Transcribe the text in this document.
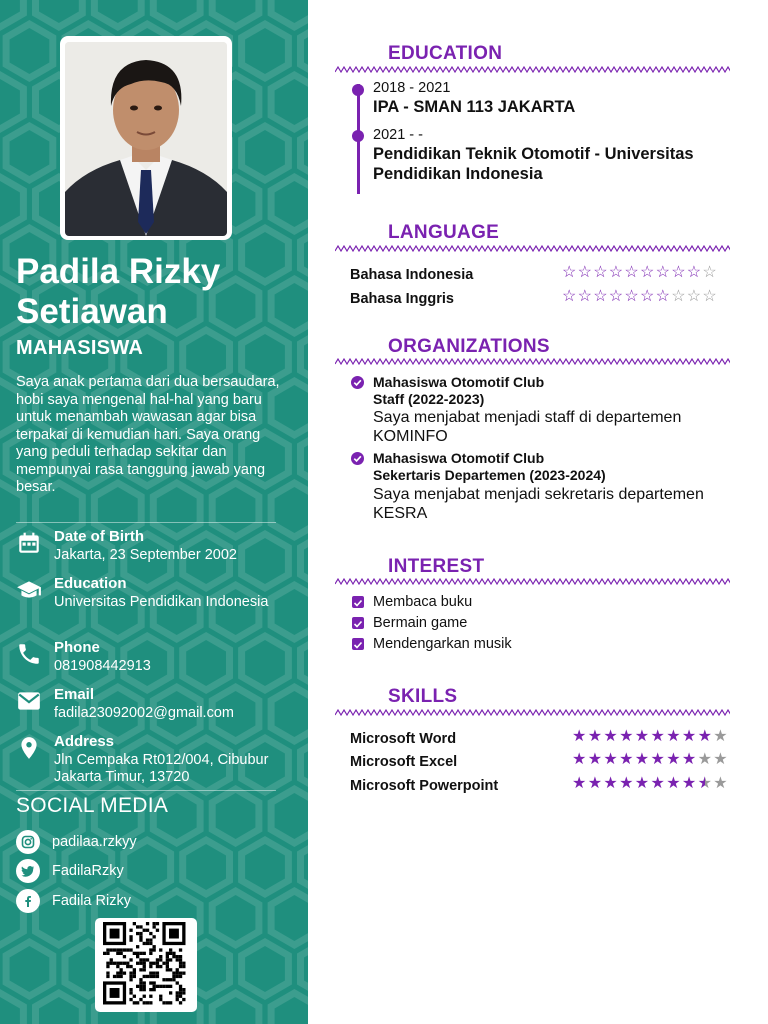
Padila Rizky
Setiawan
MAHASISWA

Saya anak pertama dari dua bersaudara, hobi saya mengenal hal-hal yang baru untuk menambah wawasan agar bisa terpakai di kemudian hari. Saya orang yang peduli terhadap sekitar dan mempunyai rasa tanggung jawab yang besar.

Date of Birth
Jakarta, 23 September 2002
Education
Universitas Pendidikan Indonesia
Phone
081908442913
Email
fadila23092002@gmail.com
Address
Jln Cempaka Rt012/004, Cibubur Jakarta Timur, 13720
SOCIAL MEDIA
padilaa.rzkyy
FadilaRzky
Fadila Rizky
EDUCATION
2018 - 2021
IPA - SMAN 113 JAKARTA
2021 - -
Pendidikan Teknik Otomotif - Universitas Pendidikan Indonesia
LANGUAGE
Bahasa Indonesia	☆ ☆ ☆ ☆ ☆ ☆ ☆ ☆ ☆ ☆
Bahasa Inggris	☆ ☆ ☆ ☆ ☆ ☆ ☆ ☆ ☆ ☆
ORGANIZATIONS
Mahasiswa Otomotif Club
Staff (2022-2023)
Saya menjabat menjadi staff di departemen KOMINFO
Mahasiswa Otomotif Club
Sekertaris Departemen (2023-2024)
Saya menjabat menjadi sekretaris departemen KESRA
INTEREST
Membaca buku
Bermain game
Mendengarkan musik
SKILLS
Microsoft Word	★ ★ ★ ★ ★ ★ ★ ★ ★ ★
Microsoft Excel	★ ★ ★ ★ ★ ★ ★ ★ ★ ★
Microsoft Powerpoint	★ ★ ★ ★ ★ ★ ★ ★ ★ ★
